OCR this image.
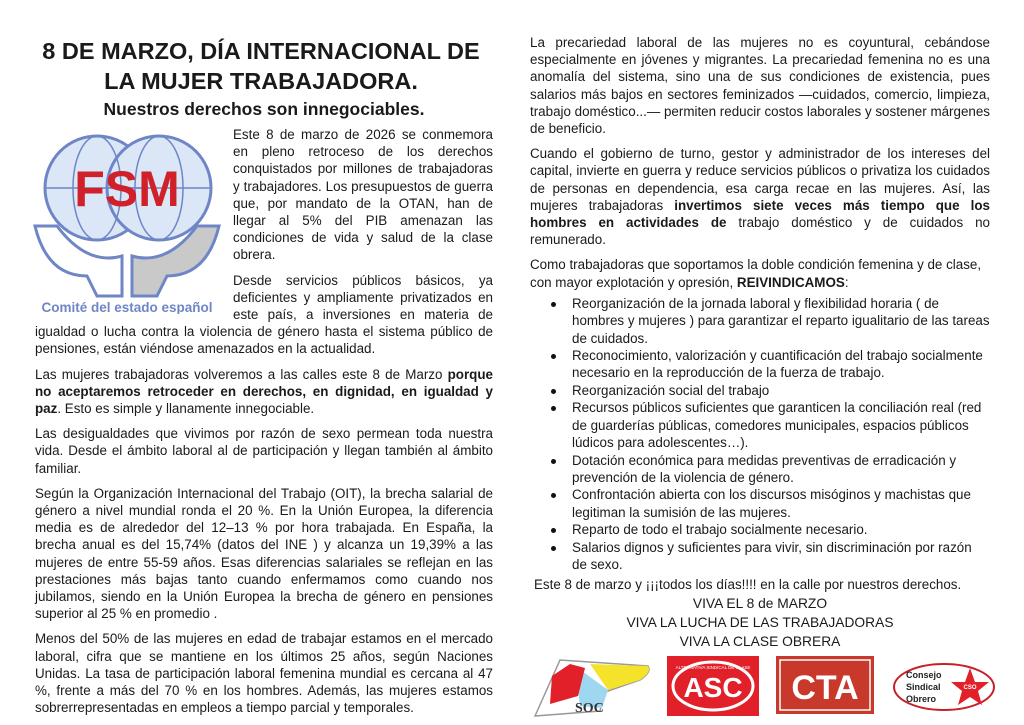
8 DE MARZO, DÍA INTERNACIONAL DE
LA MUJER TRABAJADORA.
Nuestros derechos son innegociables.
FSM
Comité del estado español

Este 8 de marzo de 2026 se conmemora en pleno retroceso de los derechos conquistados por millones de trabajadoras y trabajadores. Los presupuestos de guerra que, por mandato de la OTAN, han de llegar al 5% del PIB amenazan las condiciones de vida y salud de la clase obrera.

Desde servicios públicos básicos, ya deficientes y ampliamente privatizados en este país, a inversiones en materia de igualdad o lucha contra la violencia de género hasta el sistema público de pensiones, están viéndose amenazados en la actualidad.

Las mujeres trabajadoras volveremos a las calles este 8 de Marzo porque no aceptaremos retroceder en derechos, en dignidad, en igualdad y paz. Esto es simple y llanamente innegociable.

Las desigualdades que vivimos por razón de sexo permean toda nuestra vida. Desde el ámbito laboral al de participación y llegan también al ámbito familiar.

Según la Organización Internacional del Trabajo (OIT), la brecha salarial de género a nivel mundial ronda el 20 %. En la Unión Europea, la diferencia media es de alrededor del 12–13 % por hora trabajada. En España, la brecha anual es del 15,74% (datos del INE ) y alcanza un 19,39% a las mujeres de entre 55-59 años. Esas diferencias salariales se reflejan en las prestaciones más bajas tanto cuando enfermamos como cuando nos jubilamos, siendo en la Unión Europea la brecha de género en pensiones superior al 25 % en promedio .

Menos del 50% de las mujeres en edad de trabajar estamos en el mercado laboral, cifra que se mantiene en los últimos 25 años, según Naciones Unidas. La tasa de participación laboral femenina mundial es cercana al 47 %, frente a más del 70 % en los hombres. Además, las mujeres estamos sobrerrepresentadas en empleos a tiempo parcial y temporales.

La precariedad laboral de las mujeres no es coyuntural, cebándose especialmente en jóvenes y migrantes. La precariedad femenina no es una anomalía del sistema, sino una de sus condiciones de existencia, pues salarios más bajos en sectores feminizados —cuidados, comercio, limpieza, trabajo doméstico...— permiten reducir costos laborales y sostener márgenes de beneficio.

Cuando el gobierno de turno, gestor y administrador de los intereses del capital, invierte en guerra y reduce servicios públicos o privatiza los cuidados de personas en dependencia, esa carga recae en las mujeres. Así, las mujeres trabajadoras invertimos siete veces más tiempo que los hombres en actividades de trabajo doméstico y de cuidados no remunerado.

Como trabajadoras que soportamos la doble condición femenina y de clase, con mayor explotación y opresión, REIVINDICAMOS:

Reorganización de la jornada laboral y flexibilidad horaria ( de hombres y mujeres ) para garantizar el reparto igualitario de las tareas de cuidados.
Reconocimiento, valorización y cuantificación del trabajo socialmente necesario en la reproducción de la fuerza de trabajo.
Reorganización social del trabajo
Recursos públicos suficientes que garanticen la conciliación real (red de guarderías públicas, comedores municipales, espacios públicos lúdicos para adolescentes…).
Dotación económica para medidas preventivas de erradicación y prevención de la violencia de género.
Confrontación abierta con los discursos misóginos y machistas que legitiman la sumisión de las mujeres.
Reparto de todo el trabajo socialmente necesario.
Salarios dignos y suficientes para vivir, sin discriminación por razón de sexo.

Este 8 de marzo y ¡¡¡todos los días!!!! en la calle por nuestros derechos.

VIVA EL 8 de MARZO

VIVA LA LUCHA DE LAS TRABAJADORAS

VIVA LA CLASE OBRERA

SOC
ALTERNATIVA SINDICAL DE CLASE
ASC CTA	CSO
Consejo
Sindical
Obrero
